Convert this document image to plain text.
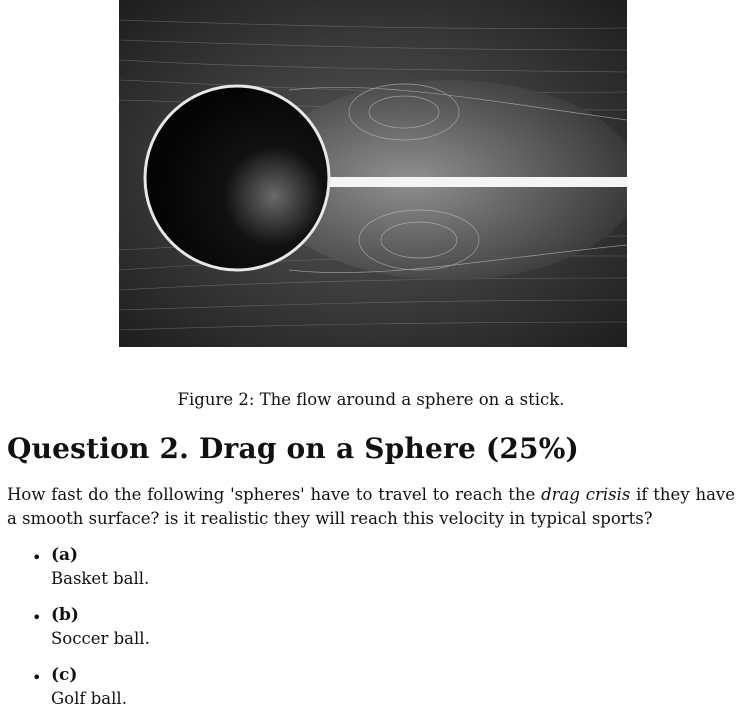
Figure 2: The flow around a sphere on a stick.
Question 2. Drag on a Sphere (25%)
How fast do the following 'spheres' have to travel to reach the drag crisis if they have a smooth surface? is it realistic they will reach this velocity in typical sports?
• (a)
Basket ball.
• (b)
Soccer ball.
• (c)
Golf ball.
